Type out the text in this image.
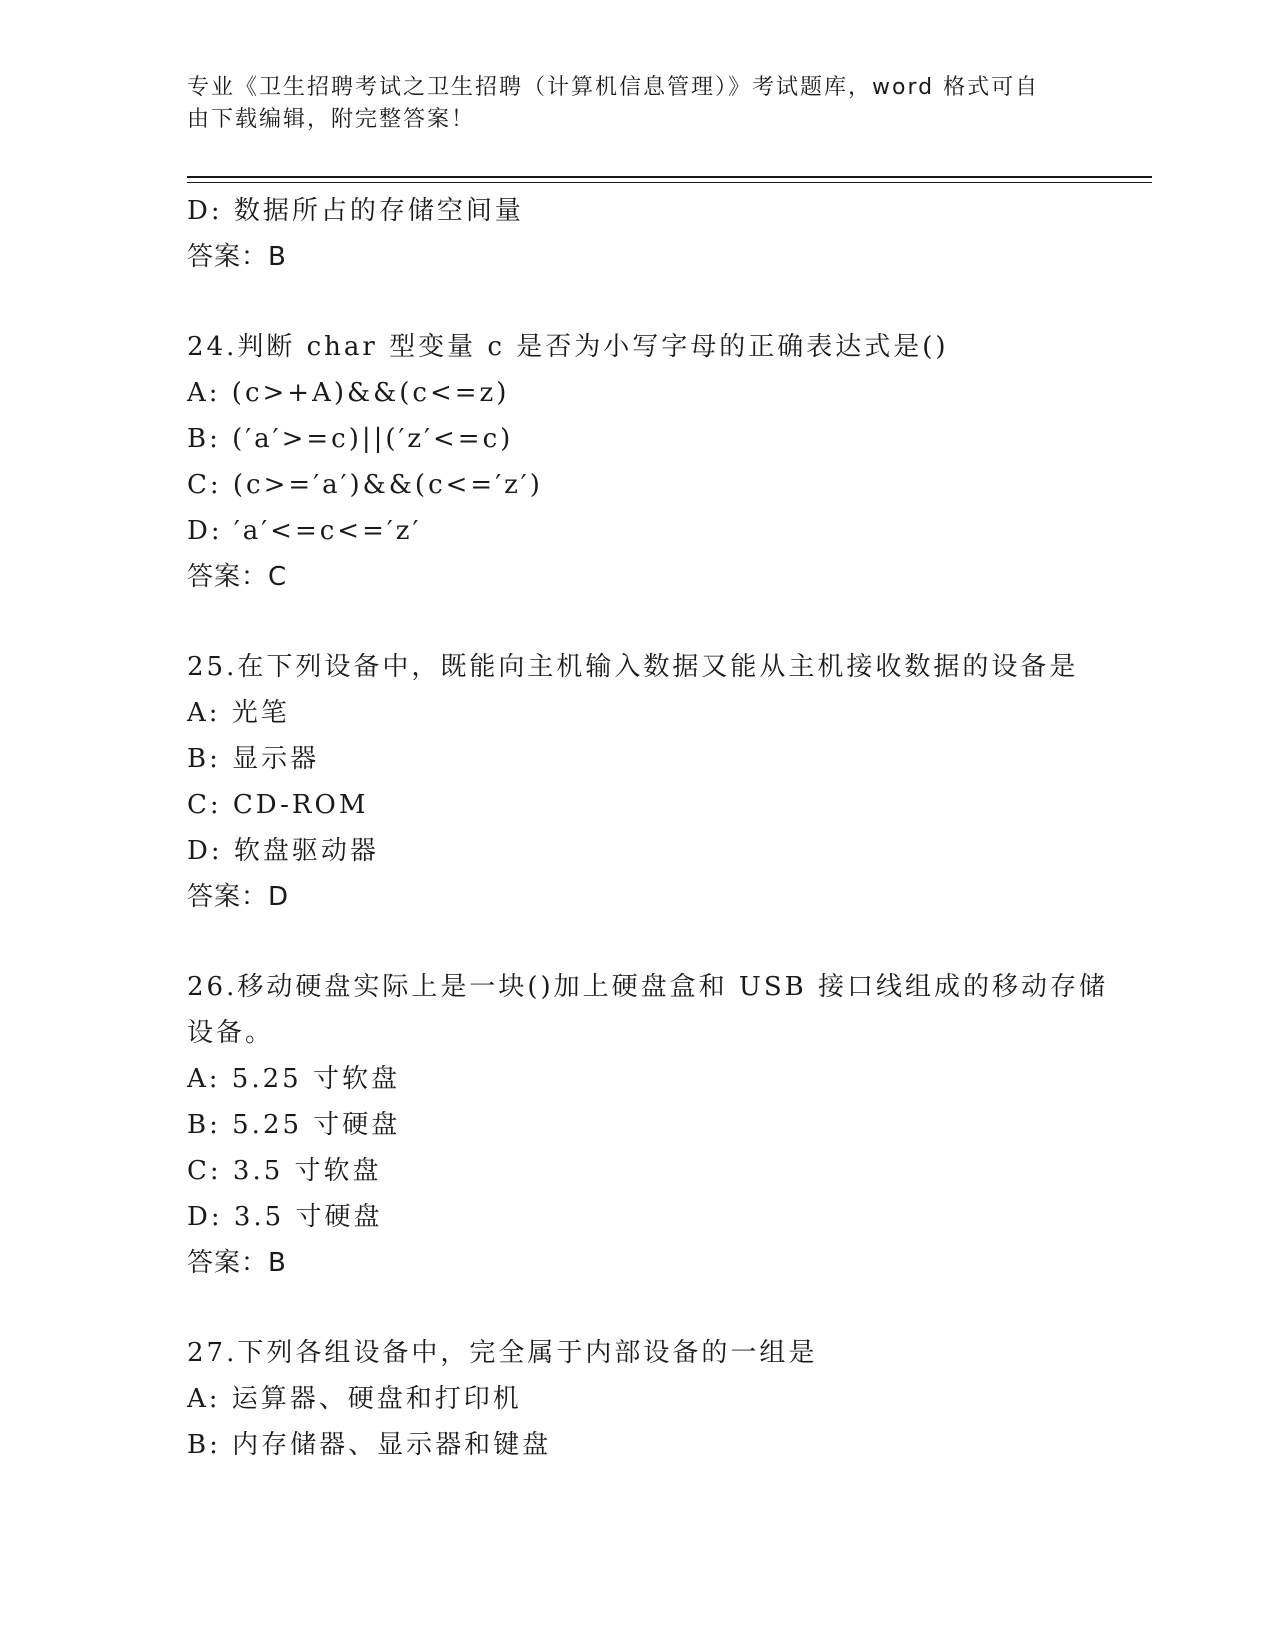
专业《卫生招聘考试之卫生招聘（计算机信息管理）》考试题库，word 格式可自
由下载编辑，附完整答案！
D: 数据所占的存储空间量
答案：B
24.判断 char 型变量 c 是否为小写字母的正确表达式是()
A: (c>+A)&&(c<=z)
B: (′a′>=c)||(′z′<=c)
C: (c>=′a′)&&(c<=′z′)
D: ′a′<=c<=′z′
答案：C
25.在下列设备中，既能向主机输入数据又能从主机接收数据的设备是
A: 光笔
B: 显示器
C: CD-ROM
D: 软盘驱动器
答案：D
26.移动硬盘实际上是一块()加上硬盘盒和 USB 接口线组成的移动存储
设备。
A: 5.25 寸软盘
B: 5.25 寸硬盘
C: 3.5 寸软盘
D: 3.5 寸硬盘
答案：B
27.下列各组设备中，完全属于内部设备的一组是
A: 运算器、硬盘和打印机
B: 内存储器、显示器和键盘
